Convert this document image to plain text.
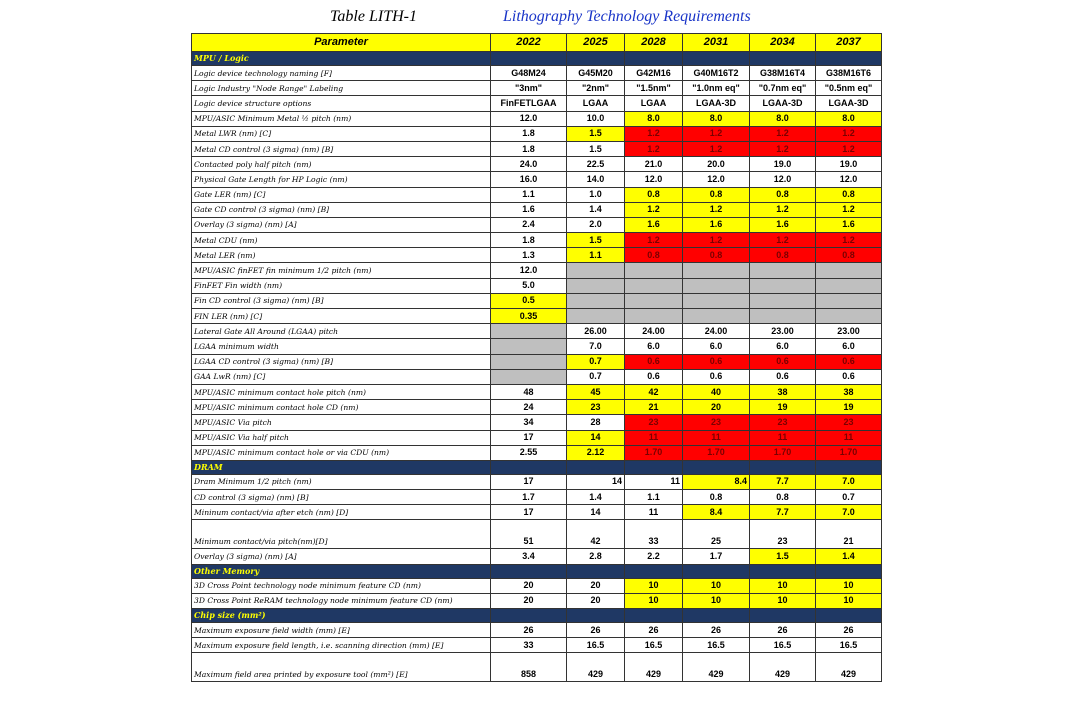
Table LITH-1	Lithography Technology Requirements
Parameter	2022	2025	2028	2031	2034	2037
MPU / Logic						
Logic device technology naming [F]	G48M24	G45M20	G42M16	G40M16T2	G38M16T4	G38M16T6
Logic Industry "Node Range" Labeling	"3nm"	"2nm"	"1.5nm"	"1.0nm eq"	"0.7nm eq"	"0.5nm eq"
Logic device structure options	FinFETLGAA	LGAA	LGAA	LGAA-3D	LGAA-3D	LGAA-3D
MPU/ASIC Minimum Metal ½ pitch (nm)	12.0	10.0	8.0	8.0	8.0	8.0
Metal LWR (nm) [C]	1.8	1.5	1.2	1.2	1.2	1.2
Metal CD control (3 sigma) (nm) [B]	1.8	1.5	1.2	1.2	1.2	1.2
Contacted poly half pitch (nm)	24.0	22.5	21.0	20.0	19.0	19.0
Physical Gate Length for HP Logic (nm)	16.0	14.0	12.0	12.0	12.0	12.0
Gate LER (nm) [C]	1.1	1.0	0.8	0.8	0.8	0.8
Gate CD control (3 sigma) (nm) [B]	1.6	1.4	1.2	1.2	1.2	1.2
Overlay (3 sigma) (nm) [A]	2.4	2.0	1.6	1.6	1.6	1.6
Metal CDU (nm)	1.8	1.5	1.2	1.2	1.2	1.2
Metal LER (nm)	1.3	1.1	0.8	0.8	0.8	0.8
MPU/ASIC finFET fin minimum 1/2 pitch (nm)	12.0					
FinFET Fin width (nm)	5.0					
Fin CD control (3 sigma) (nm) [B]	0.5					
FIN LER (nm) [C]	0.35					
Lateral Gate All Around (LGAA) pitch		26.00	24.00	24.00	23.00	23.00
LGAA minimum width		7.0	6.0	6.0	6.0	6.0
LGAA CD control (3 sigma) (nm) [B]		0.7	0.6	0.6	0.6	0.6
GAA LwR (nm) [C]		0.7	0.6	0.6	0.6	0.6
MPU/ASIC minimum contact hole pitch (nm)	48	45	42	40	38	38
MPU/ASIC minimum contact hole CD (nm)	24	23	21	20	19	19
MPU/ASIC Via pitch	34	28	23	23	23	23
MPU/ASIC Via half pitch	17	14	11	11	11	11
MPU/ASIC minimum contact hole or via CDU (nm)	2.55	2.12	1.70	1.70	1.70	1.70
DRAM						
Dram Minimum 1/2 pitch (nm)	17	14	11	8.4	7.7	7.0
CD control (3 sigma) (nm) [B]	1.7	1.4	1.1	0.8	0.8	0.7
Mininum contact/via after etch (nm) [D]	17	14	11	8.4	7.7	7.0
Minimum contact/via pitch(nm)[D]	51	42	33	25	23	21
Overlay (3 sigma) (nm) [A]	3.4	2.8	2.2	1.7	1.5	1.4
Other Memory						
3D Cross Point technology node minimum feature CD (nm)	20	20	10	10	10	10
3D Cross Point ReRAM technology node minimum feature CD (nm)	20	20	10	10	10	10
Chip size (mm²)						
Maximum exposure field width (mm) [E]	26	26	26	26	26	26
Maximum exposure field length, i.e. scanning direction (mm) [E]	33	16.5	16.5	16.5	16.5	16.5
Maximum field area printed by exposure tool (mm²) [E]	858	429	429	429	429	429
